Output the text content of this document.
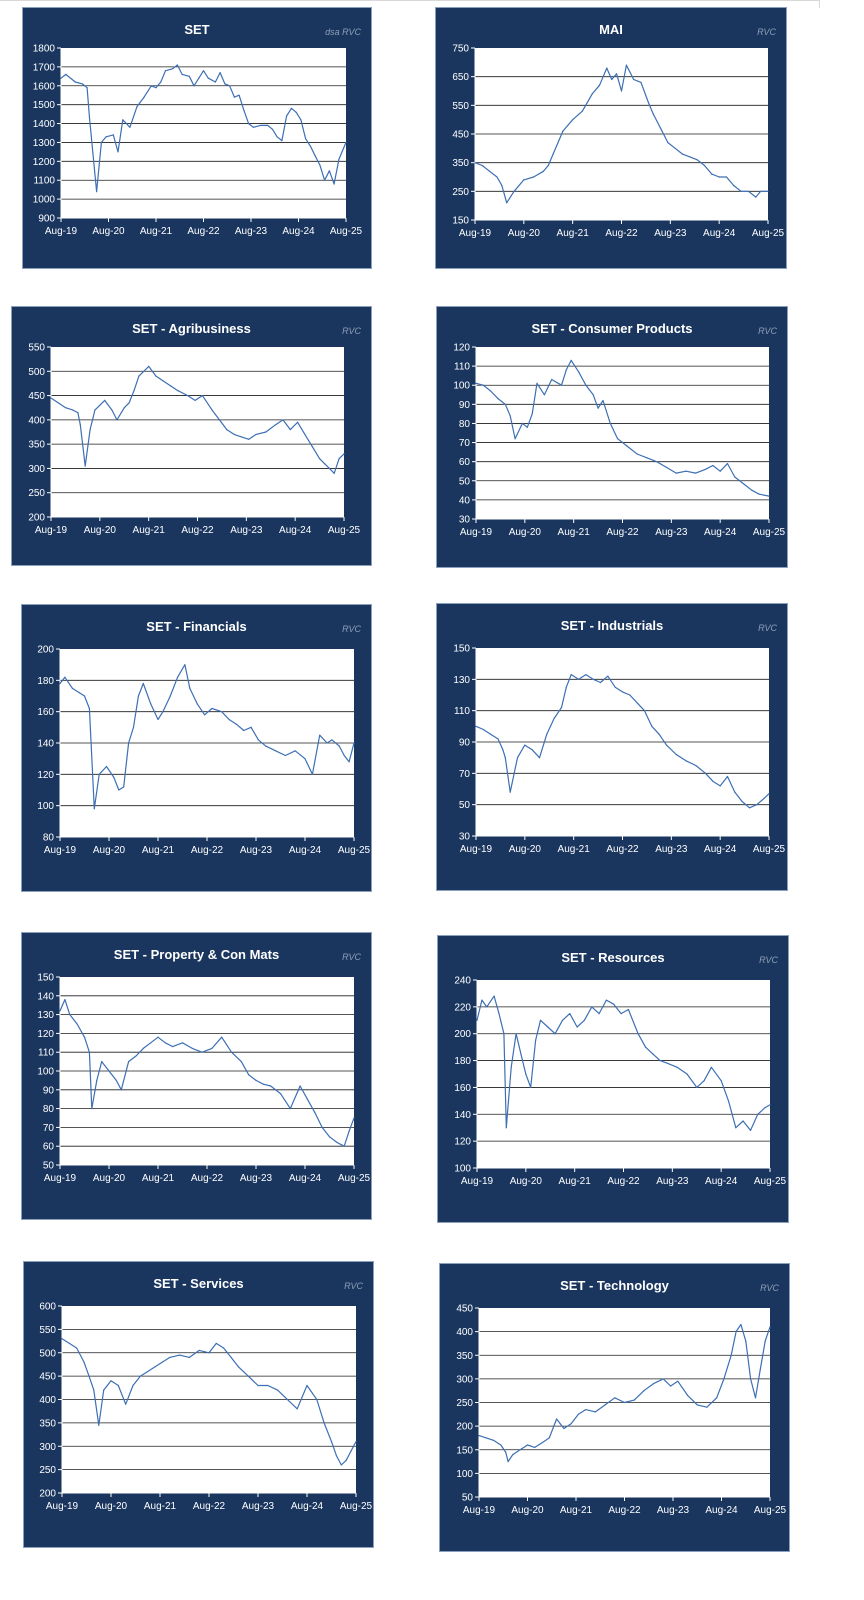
1800
1700
1600
1500
1400
1300
1200
1100
1000
900
Aug-19 Aug-20 Aug-21 Aug-22 Aug-23 Aug-24 Aug-25
SET	dsa RVC
750
650
550
450
350
250
150
Aug-19 Aug-20 Aug-21 Aug-22 Aug-23 Aug-24 Aug-25
MAI	RVC
550
500
450
400
350
300
250
200
Aug-19 Aug-20 Aug-21 Aug-22 Aug-23 Aug-24 Aug-25
SET - Agribusiness	RVC
120
110
100
90
80
70
60
50
40
30
Aug-19 Aug-20 Aug-21 Aug-22 Aug-23 Aug-24 Aug-25
SET - Consumer Products	RVC
200
180
160
140
120
100
80
Aug-19 Aug-20 Aug-21 Aug-22 Aug-23 Aug-24 Aug-25
SET - Financials	RVC
150
130
110
90
70
50
30
Aug-19 Aug-20 Aug-21 Aug-22 Aug-23 Aug-24 Aug-25
SET - Industrials	RVC
150
140
130
120
110
100
90
80
70
60
50
Aug-19 Aug-20 Aug-21 Aug-22 Aug-23 Aug-24 Aug-25
SET - Property & Con Mats	RVC
240
220
200
180
160
140
120
100
Aug-19 Aug-20 Aug-21 Aug-22 Aug-23 Aug-24 Aug-25
SET - Resources	RVC
600
550
500
450
400
350
300
250
200
Aug-19 Aug-20 Aug-21 Aug-22 Aug-23 Aug-24 Aug-25
SET - Services	RVC
450
400
350
300
250
200
150
100
50
Aug-19 Aug-20 Aug-21 Aug-22 Aug-23 Aug-24 Aug-25
SET - Technology	RVC
